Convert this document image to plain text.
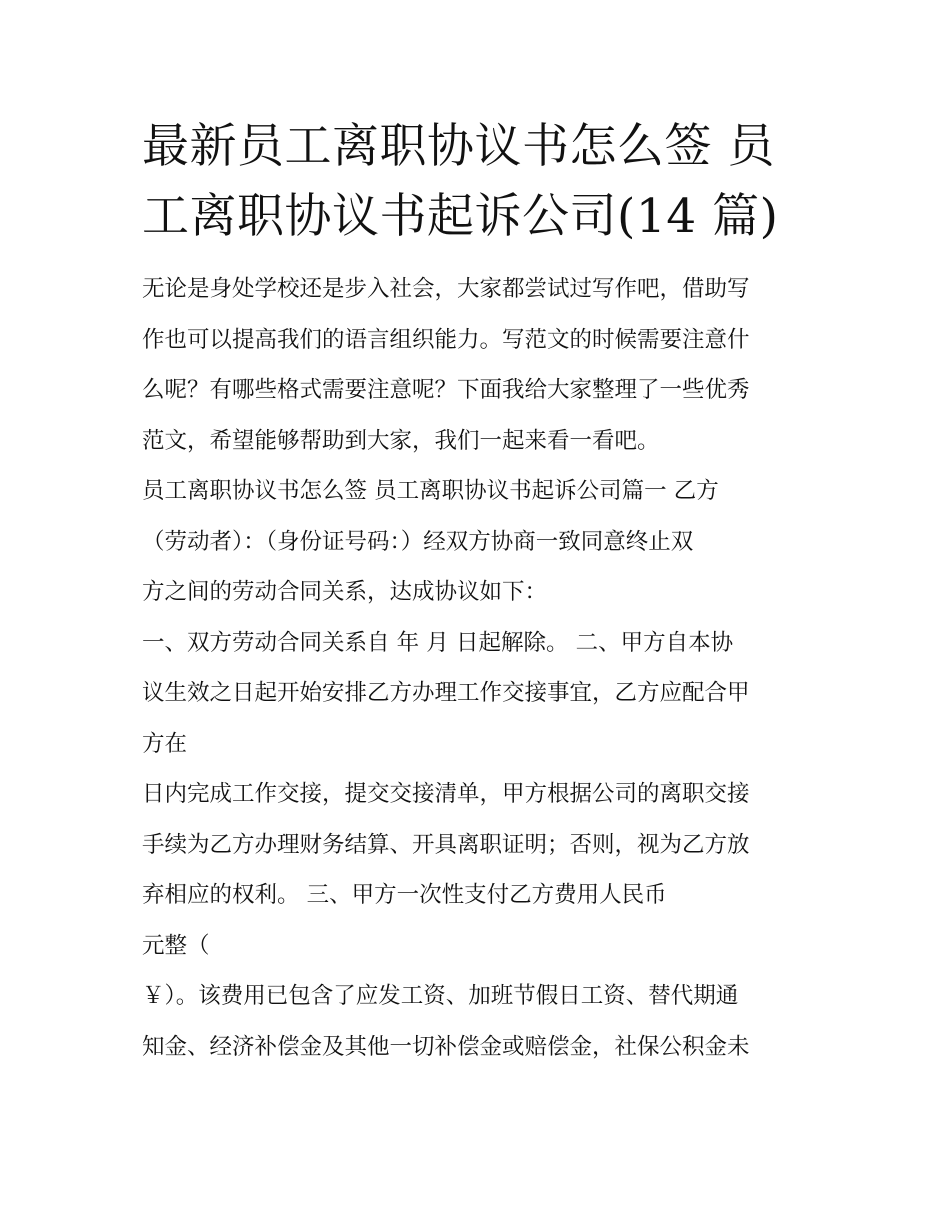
最新员工离职协议书怎么签 员
工离职协议书起诉公司(14 篇)

无论是身处学校还是步入社会，大家都尝试过写作吧，借助写
作也可以提高我们的语言组织能力。写范文的时候需要注意什
么呢？有哪些格式需要注意呢？下面我给大家整理了一些优秀
范文，希望能够帮助到大家，我们一起来看一看吧。

员工离职协议书怎么签 员工离职协议书起诉公司篇一 乙方
（劳动者）：（身份证号码：）经双方协商一致同意终止双
方之间的劳动合同关系，达成协议如下：

一、双方劳动合同关系自 年 月 日起解除。 二、甲方自本协
议生效之日起开始安排乙方办理工作交接事宜，乙方应配合甲
方在

日内完成工作交接，提交交接清单，甲方根据公司的离职交接
手续为乙方办理财务结算、开具离职证明；否则，视为乙方放
弃相应的权利。 三、甲方一次性支付乙方费用人民币

元整（

￥）。该费用已包含了应发工资、加班节假日工资、替代期通
知金、经济补偿金及其他一切补偿金或赔偿金，社保公积金未
